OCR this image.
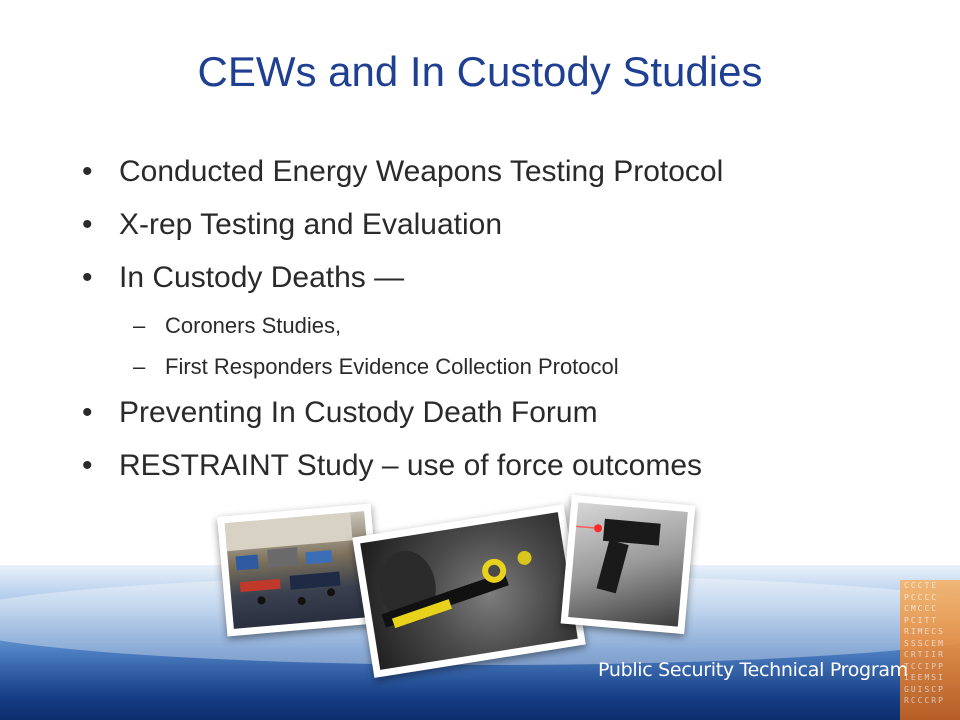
CEWs and In Custody Studies
• Conducted Energy Weapons Testing Protocol
• X-rep Testing and Evaluation
• In Custody Deaths —
– Coroners Studies,
– First Responders Evidence Collection Protocol
• Preventing In Custody Death Forum
• RESTRAINT Study – use of force outcomes
CCCTE
PCCCC
CMCCC
PCITT
RIMECS
SSSCEM
CRTIIR
TCCIPP
IEEMSI
GUISCP
RCCCRP
Public Security Technical Program
